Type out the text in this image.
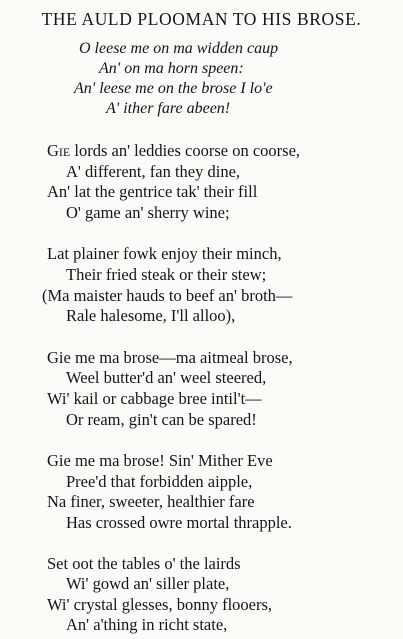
THE AULD PLOOMAN TO HIS BROSE.
O leese me on ma widden caup
An' on ma horn speen:
An' leese me on the brose I lo'e
A' ither fare abeen!
Gie lords an' leddies coorse on coorse,
A' different, fan they dine,
An' lat the gentrice tak' their fill
O' game an' sherry wine;
Lat plainer fowk enjoy their minch,
Their fried steak or their stew;
(Ma maister hauds to beef an' broth—
Rale halesome, I'll alloo),
Gie me ma brose—ma aitmeal brose,
Weel butter'd an' weel steered,
Wi' kail or cabbage bree intil't—
Or ream, gin't can be spared!
Gie me ma brose! Sin' Mither Eve
Pree'd that forbidden aipple,
Na finer, sweeter, healthier fare
Has crossed owre mortal thrapple.
Set oot the tables o' the lairds
Wi' gowd an' siller plate,
Wi' crystal glesses, bonny flooers,
An' a'thing in richt state,
